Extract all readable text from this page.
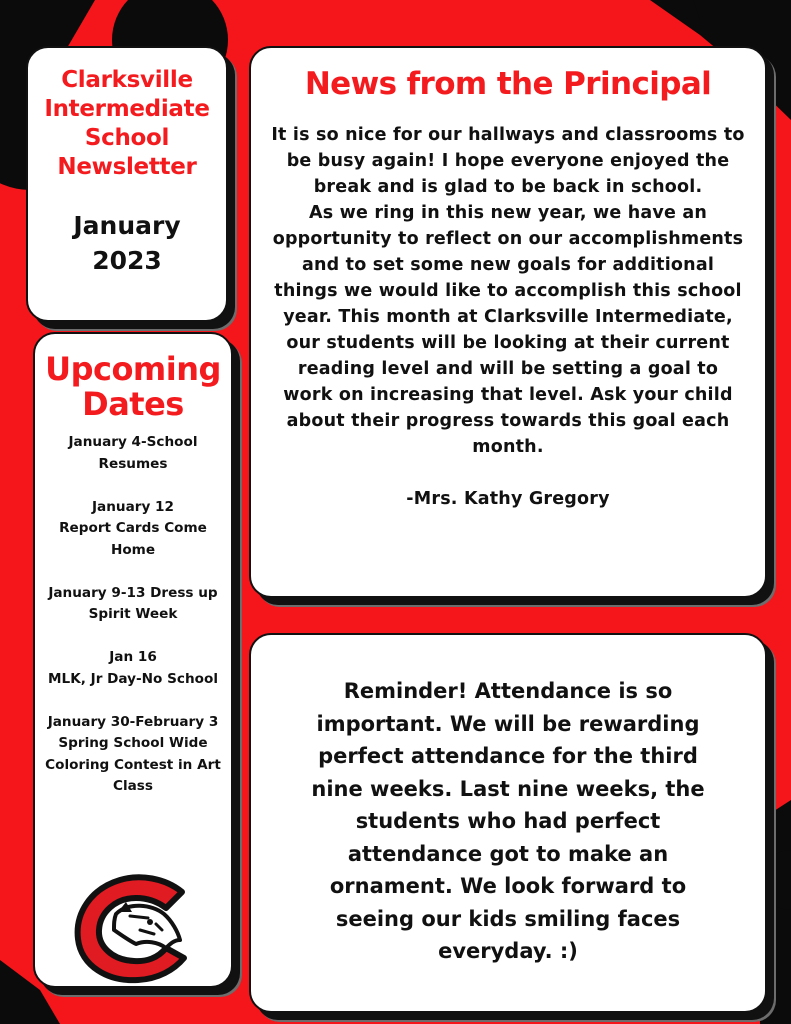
Clarksville
Intermediate
School
Newsletter
January
2023
Upcoming
Dates
January 4-School
Resumes
January 12
Report Cards Come
Home
January 9-13 Dress up
Spirit Week
Jan 16
MLK, Jr Day-No School
January 30-February 3
Spring School Wide
Coloring Contest in Art
Class
News from the Principal

It is so nice for our hallways and classrooms to be busy again! I hope everyone enjoyed the break and is glad to be back in school.

As we ring in this new year, we have an opportunity to reflect on our accomplishments and to set some new goals for additional things we would like to accomplish this school year. This month at Clarksville Intermediate, our students will be looking at their current reading level and will be setting a goal to work on increasing that level. Ask your child about their progress towards this goal each month.

-Mrs. Kathy Gregory

Reminder! Attendance is so important. We will be rewarding perfect attendance for the third nine weeks. Last nine weeks, the students who had perfect attendance got to make an ornament. We look forward to seeing our kids smiling faces everyday. :)
